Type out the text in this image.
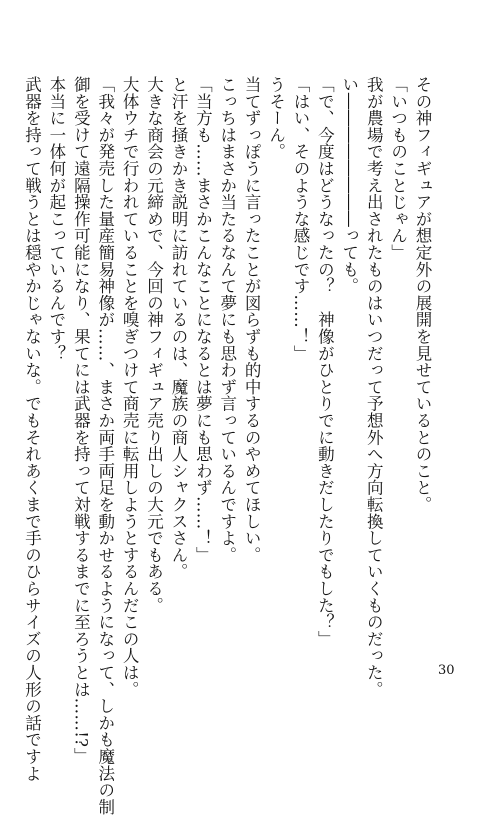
その神フィギュアが想定外の展開を見せているとのこと。
「いつものことじゃん」
我が農場で考え出されたものはいつだって予想外へ方向転換していくものだった。
い――――――――っても。
「で、今度はどうなったの？　神像がひとりでに動きだしたりでもした？」
「はい、そのような感じです……！」
うそーん。
当てずっぽうに言ったことが図らずも的中するのやめてほしい。
こっちはまさか当たるなんて夢にも思わず言っているんですよ。
「当方も……まさかこんなことになるとは夢にも思わず……！」
と汗を掻きかき説明に訪れているのは、魔族の商人シャクスさん。
大きな商会の元締めで、今回の神フィギュア売り出しの大元でもある。
大体ウチで行われていることを嗅ぎつけて商売に転用しようとするんだこの人は。
「我々が発売した量産簡易神像が……、まさか両手両足を動かせるようになって、しかも魔法の制
御を受けて遠隔操作可能になり、果てには武器を持って対戦するまでに至ろうとは……!?」
本当に一体何が起こっているんです？
武器を持って戦うとは穏やかじゃないな。でもそれあくまで手のひらサイズの人形の話ですよ	30
